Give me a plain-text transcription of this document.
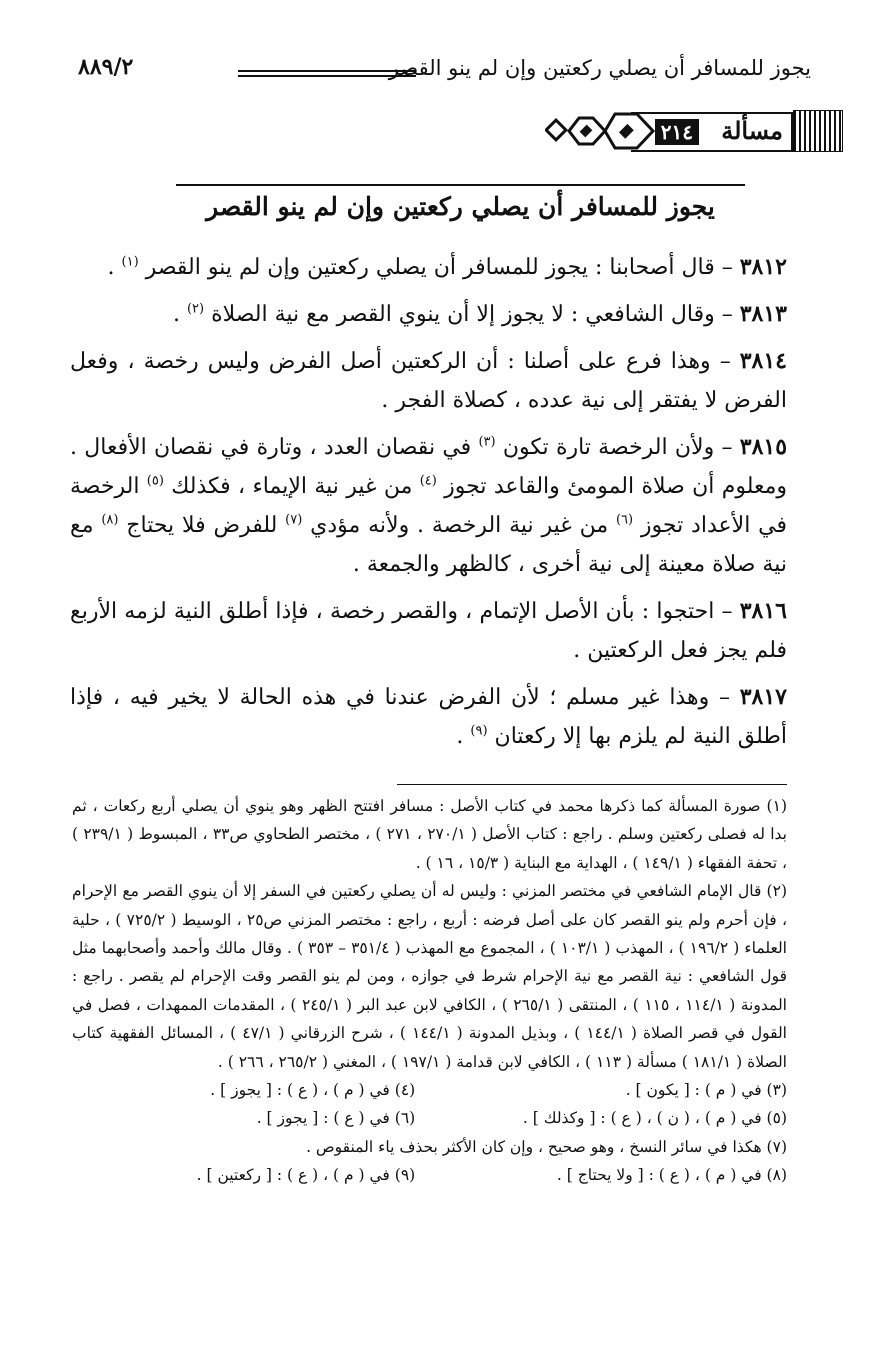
يجوز للمسافر أن يصلي ركعتين وإن لم ينو القصر
٨٨٩/٢
مسألة
٢١٤
يجوز للمسافر أن يصلي ركعتين وإن لم ينو القصر

٣٨١٢ – قال أصحابنا : يجوز للمسافر أن يصلي ركعتين وإن لم ينو القصر $^{(١)}$ .

٣٨١٣ – وقال الشافعي : لا يجوز إلا أن ينوي القصر مع نية الصلاة $^{(٢)}$ .

٣٨١٤ – وهذا فرع على أصلنا : أن الركعتين أصل الفرض وليس رخصة ، وفعل الفرض لا يفتقر إلى نية عدده ، كصلاة الفجر .

٣٨١٥ – ولأن الرخصة تارة تكون $^{(٣)}$ في نقصان العدد ، وتارة في نقصان الأفعال . ومعلوم أن صلاة المومئ والقاعد تجوز $^{(٤)}$ من غير نية الإيماء ، فكذلك $^{(٥)}$ الرخصة في الأعداد تجوز $^{(٦)}$ من غير نية الرخصة . ولأنه مؤدي $^{(٧)}$ للفرض فلا يحتاج $^{(٨)}$ مع نية صلاة معينة إلى نية أخرى ، كالظهر والجمعة .

٣٨١٦ – احتجوا : بأن الأصل الإتمام ، والقصر رخصة ، فإذا أطلق النية لزمه الأربع فلم يجز فعل الركعتين .

٣٨١٧ – وهذا غير مسلم ؛ لأن الفرض عندنا في هذه الحالة لا يخير فيه ، فإذا أطلق النية لم يلزم بها إلا ركعتان $^{(٩)}$ .

(١) صورة المسألة كما ذكرها محمد في كتاب الأصل : مسافر افتتح الظهر وهو ينوي أن يصلي أربع ركعات ، ثم بدا له فصلى ركعتين وسلم . راجع : كتاب الأصل ( ٢٧٠/١ ، ٢٧١ ) ، مختصر الطحاوي ص٣٣ ، المبسوط ( ٢٣٩/١ ) ، تحفة الفقهاء ( ١٤٩/١ ) ، الهداية مع البناية ( ١٥/٣ ، ١٦ ) .

(٢) قال الإمام الشافعي في مختصر المزني : وليس له أن يصلي ركعتين في السفر إلا أن ينوي القصر مع الإحرام ، فإن أحرم ولم ينو القصر كان على أصل فرضه : أربع ، راجع : مختصر المزني ص٢٥ ، الوسيط ( ٧٢٥/٢ ) ، حلية العلماء ( ١٩٦/٢ ) ، المهذب ( ١٠٣/١ ) ، المجموع مع المهذب ( ٣٥١/٤ – ٣٥٣ ) . وقال مالك وأحمد وأصحابهما مثل قول الشافعي : نية القصر مع نية الإحرام شرط في جوازه ، ومن لم ينو القصر وقت الإحرام لم يقصر . راجع : المدونة ( ١١٤/١ ، ١١٥ ) ، المنتقى ( ٢٦٥/١ ) ، الكافي لابن عبد البر ( ٢٤٥/١ ) ، المقدمات الممهدات ، فصل في القول في قصر الصلاة ( ١٤٤/١ ) ، وبذيل المدونة ( ١٤٤/١ ) ، شرح الزرقاني ( ٤٧/١ ) ، المسائل الفقهية كتاب الصلاة ( ١٨١/١ ) مسألة ( ١١٣ ) ، الكافي لابن قدامة ( ١٩٧/١ ) ، المغني ( ٢٦٥/٢ ، ٢٦٦ ) .

(٣) في ( م ) : [ يكون ] .

(٤) في ( م ) ، ( ع ) : [ يجوز ] .

(٥) في ( م ) ، ( ن ) ، ( ع ) : [ وكذلك ] .

(٦) في ( ع ) : [ يجوز ] .

(٧) هكذا في سائر النسخ ، وهو صحيح ، وإن كان الأكثر بحذف ياء المنقوص .

(٨) في ( م ) ، ( ع ) : [ ولا يحتاج ] .

(٩) في ( م ) ، ( ع ) : [ ركعتين ] .
